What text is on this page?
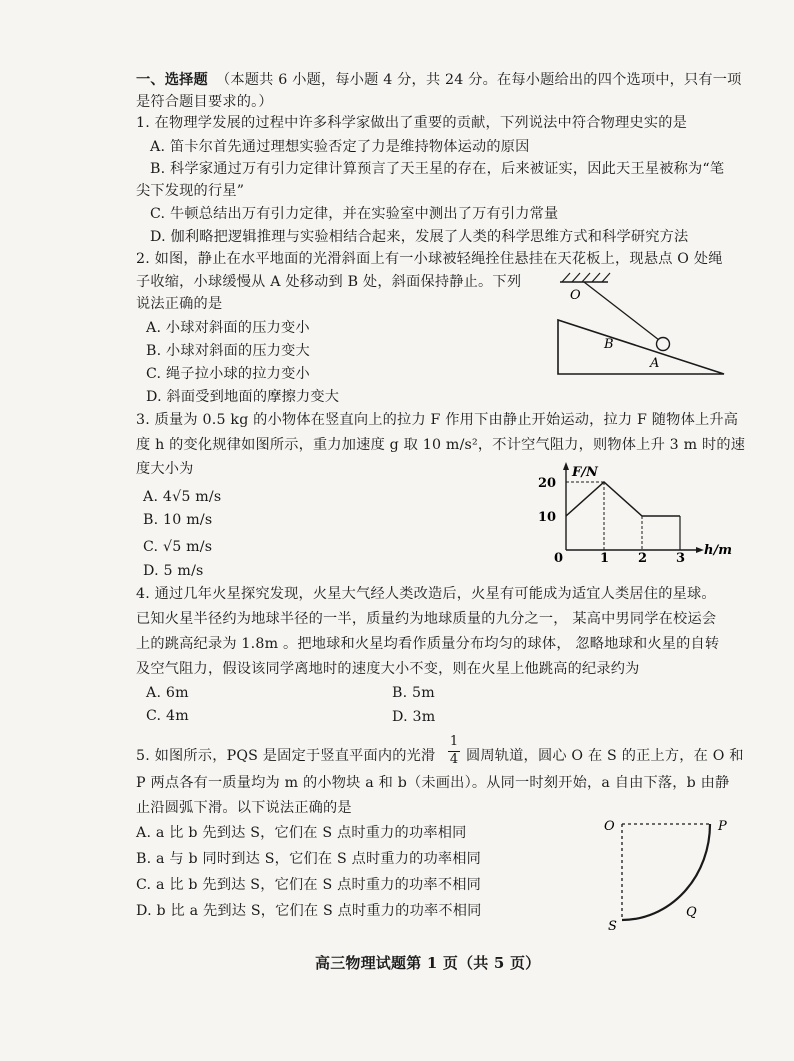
一、选择题 （本题共 6 小题，每小题 4 分，共 24 分。在每小题给出的四个选项中，只有一项
是符合题目要求的。）
1. 在物理学发展的过程中许多科学家做出了重要的贡献，下列说法中符合物理史实的是
A. 笛卡尔首先通过理想实验否定了力是维持物体运动的原因
B. 科学家通过万有引力定律计算预言了天王星的存在，后来被证实，因此天王星被称为“笔
尖下发现的行星”
C. 牛顿总结出万有引力定律，并在实验室中测出了万有引力常量
D. 伽利略把逻辑推理与实验相结合起来，发展了人类的科学思维方式和科学研究方法
2. 如图，静止在水平地面的光滑斜面上有一小球被轻绳拴住悬挂在天花板上，现悬点 O 处绳
子收缩，小球缓慢从 A 处移动到 B 处，斜面保持静止。下列
说法正确的是
A. 小球对斜面的压力变小
B. 小球对斜面的压力变大
C. 绳子拉小球的拉力变小
D. 斜面受到地面的摩擦力变大
O
B
A
3. 质量为 0.5 kg 的小物体在竖直向上的拉力 F 作用下由静止开始运动，拉力 F 随物体上升高
度 h 的变化规律如图所示，重力加速度 g 取 10 m/s²，不计空气阻力，则物体上升 3 m 时的速
度大小为
A. 4√5 m/s
B. 10 m/s
C. √5 m/s
D. 5 m/s
0	1 2 3
10
20
F/N
h/m
4. 通过几年火星探究发现，火星大气经人类改造后，火星有可能成为适宜人类居住的星球。
已知火星半径约为地球半径的一半，质量约为地球质量的九分之一， 某高中男同学在校运会
上的跳高纪录为 1.8m 。把地球和火星均看作质量分布均匀的球体， 忽略地球和火星的自转
及空气阻力，假设该同学离地时的速度大小不变，则在火星上他跳高的纪录约为
A. 6m	B. 5m
C. 4m	D. 3m
5. 如图所示，PQS 是固定于竖直平面内的光滑
1
4 圆周轨道，圆心 O 在 S 的正上方，在 O 和
P 两点各有一质量均为 m 的小物块 a 和 b（未画出）。从同一时刻开始，a 自由下落，b 由静
止沿圆弧下滑。以下说法正确的是
A. a 比 b 先到达 S，它们在 S 点时重力的功率相同
B. a 与 b 同时到达 S，它们在 S 点时重力的功率相同
C. a 比 b 先到达 S，它们在 S 点时重力的功率不相同
D. b 比 a 先到达 S，它们在 S 点时重力的功率不相同
O	P
Q
S
高三物理试题第 1 页（共 5 页）
